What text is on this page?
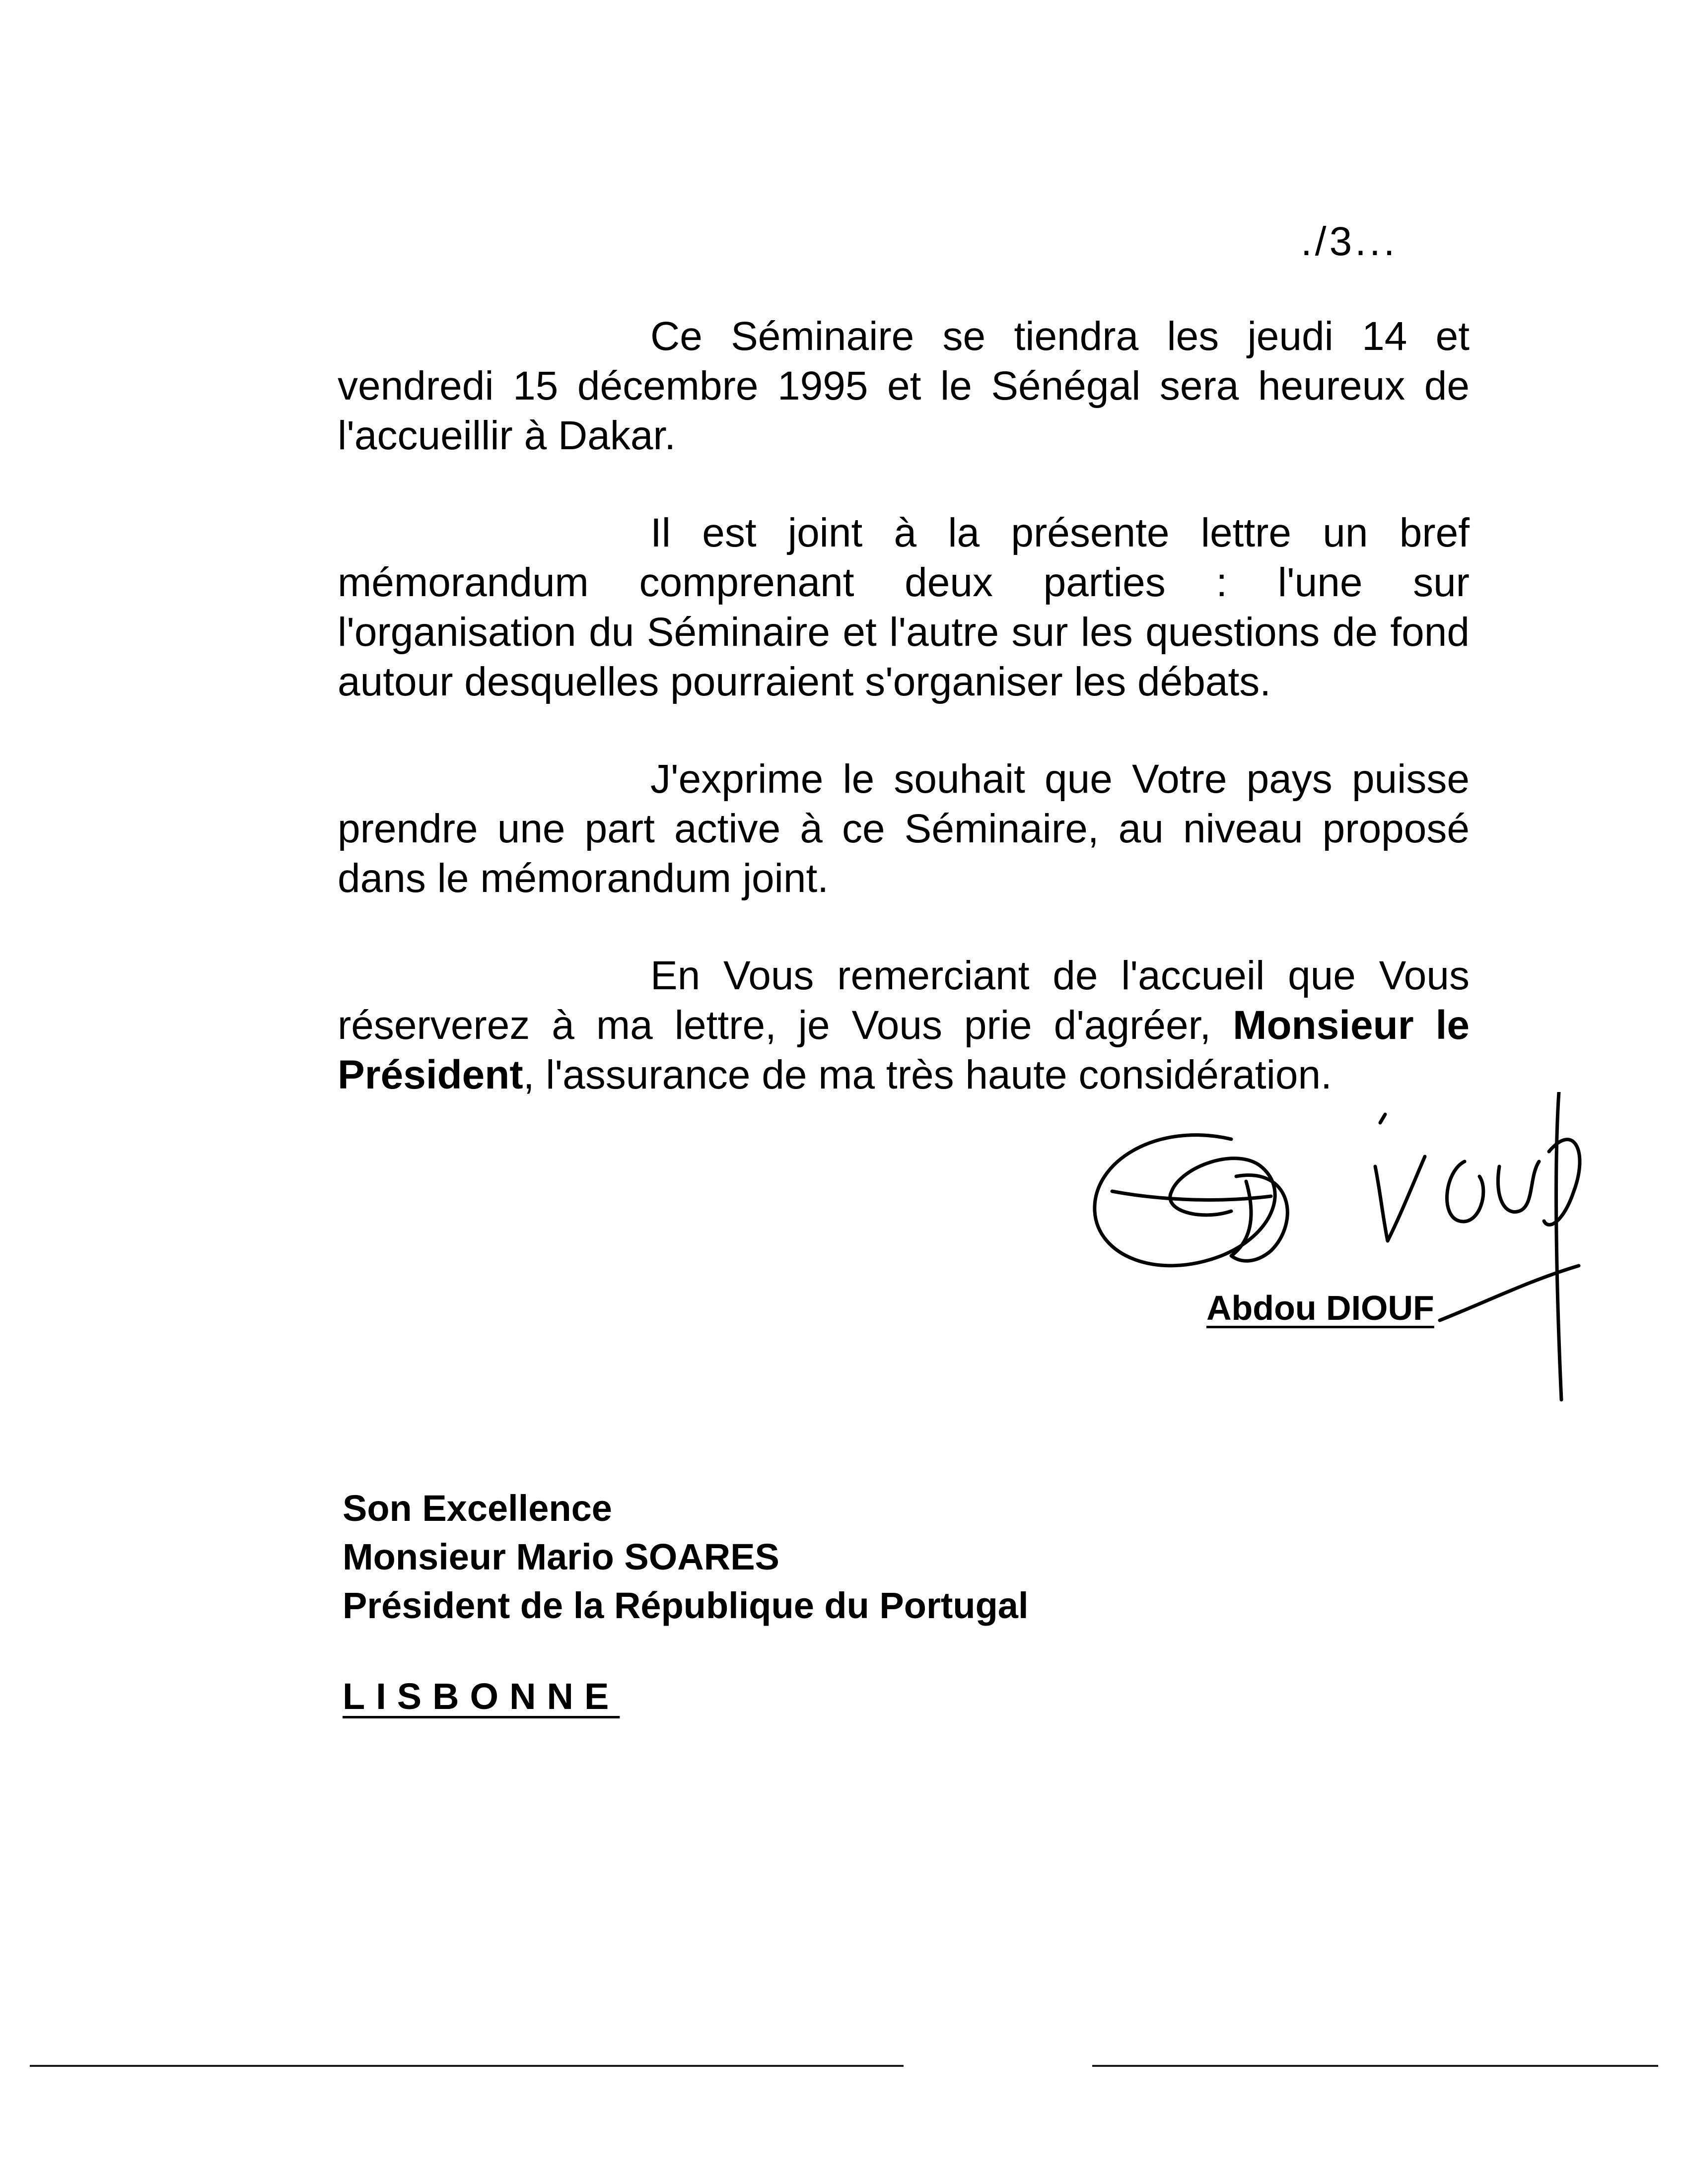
./3...

Ce Séminaire se tiendra les jeudi 14 et vendredi 15 décembre 1995 et le Sénégal sera heureux de l'accueillir à Dakar.

Il est joint à la présente lettre un bref mémorandum comprenant deux parties : l'une sur l'organisation du Séminaire et l'autre sur les questions de fond autour desquelles pourraient s'organiser les débats.

J'exprime le souhait que Votre pays puisse prendre une part active à ce Séminaire, au niveau proposé dans le mémorandum joint.

En Vous remerciant de l'accueil que Vous réserverez à ma lettre, je Vous prie d'agréer, Monsieur le Président, l'assurance de ma très haute considération.

Abdou DIOUF
Son Excellence
Monsieur Mario SOARES
Président de la République du Portugal
LISBONNE
